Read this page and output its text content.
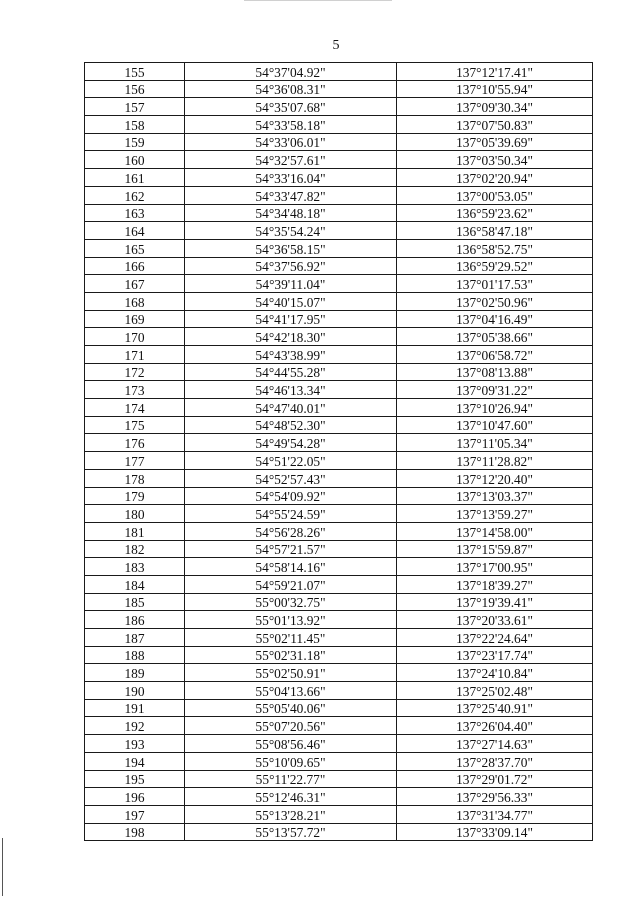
5
155	54°37'04.92"	137°12'17.41"
156	54°36'08.31"	137°10'55.94"
157	54°35'07.68"	137°09'30.34"
158	54°33'58.18"	137°07'50.83"
159	54°33'06.01"	137°05'39.69"
160	54°32'57.61"	137°03'50.34"
161	54°33'16.04"	137°02'20.94"
162	54°33'47.82"	137°00'53.05"
163	54°34'48.18"	136°59'23.62"
164	54°35'54.24"	136°58'47.18"
165	54°36'58.15"	136°58'52.75"
166	54°37'56.92"	136°59'29.52"
167	54°39'11.04"	137°01'17.53"
168	54°40'15.07"	137°02'50.96"
169	54°41'17.95"	137°04'16.49"
170	54°42'18.30"	137°05'38.66"
171	54°43'38.99"	137°06'58.72"
172	54°44'55.28"	137°08'13.88"
173	54°46'13.34"	137°09'31.22"
174	54°47'40.01"	137°10'26.94"
175	54°48'52.30"	137°10'47.60"
176	54°49'54.28"	137°11'05.34"
177	54°51'22.05"	137°11'28.82"
178	54°52'57.43"	137°12'20.40"
179	54°54'09.92"	137°13'03.37"
180	54°55'24.59"	137°13'59.27"
181	54°56'28.26"	137°14'58.00"
182	54°57'21.57"	137°15'59.87"
183	54°58'14.16"	137°17'00.95"
184	54°59'21.07"	137°18'39.27"
185	55°00'32.75"	137°19'39.41"
186	55°01'13.92"	137°20'33.61"
187	55°02'11.45"	137°22'24.64"
188	55°02'31.18"	137°23'17.74"
189	55°02'50.91"	137°24'10.84"
190	55°04'13.66"	137°25'02.48"
191	55°05'40.06"	137°25'40.91"
192	55°07'20.56"	137°26'04.40"
193	55°08'56.46"	137°27'14.63"
194	55°10'09.65"	137°28'37.70"
195	55°11'22.77"	137°29'01.72"
196	55°12'46.31"	137°29'56.33"
197	55°13'28.21"	137°31'34.77"
198	55°13'57.72"	137°33'09.14"
